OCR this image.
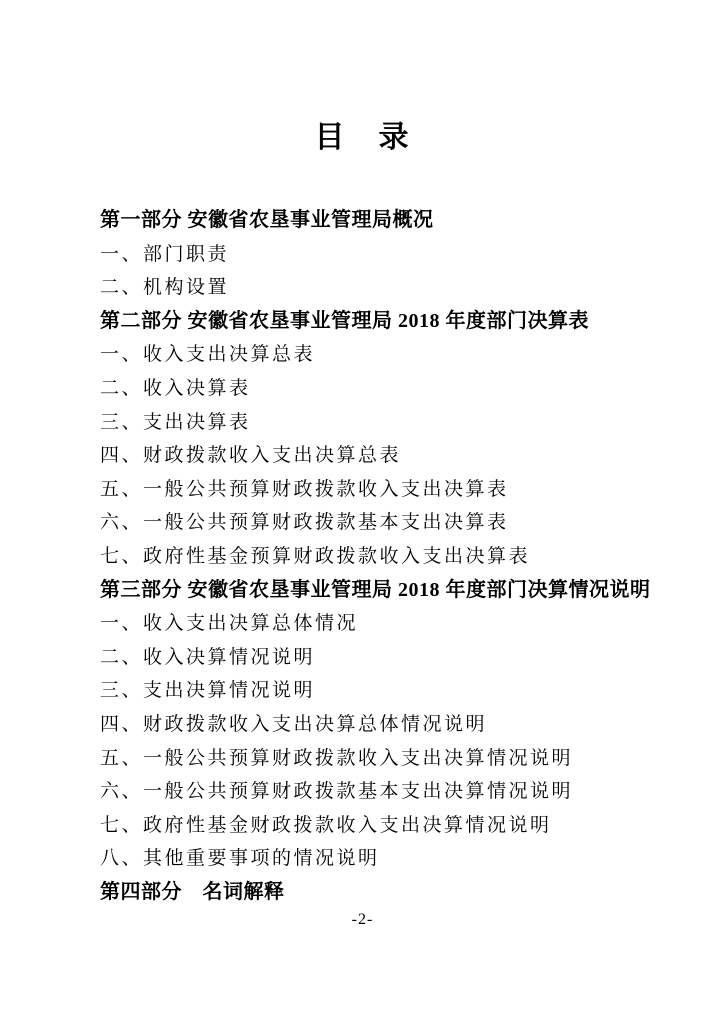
目　录
第一部分 安徽省农垦事业管理局概况
一、部门职责
二、机构设置
第二部分 安徽省农垦事业管理局 2018 年度部门决算表
一、收入支出决算总表
二、收入决算表
三、支出决算表
四、财政拨款收入支出决算总表
五、一般公共预算财政拨款收入支出决算表
六、一般公共预算财政拨款基本支出决算表
七、政府性基金预算财政拨款收入支出决算表
第三部分 安徽省农垦事业管理局 2018 年度部门决算情况说明
一、收入支出决算总体情况
二、收入决算情况说明
三、支出决算情况说明
四、财政拨款收入支出决算总体情况说明
五、一般公共预算财政拨款收入支出决算情况说明
六、一般公共预算财政拨款基本支出决算情况说明
七、政府性基金财政拨款收入支出决算情况说明
八、其他重要事项的情况说明
第四部分　名词解释
-2-
